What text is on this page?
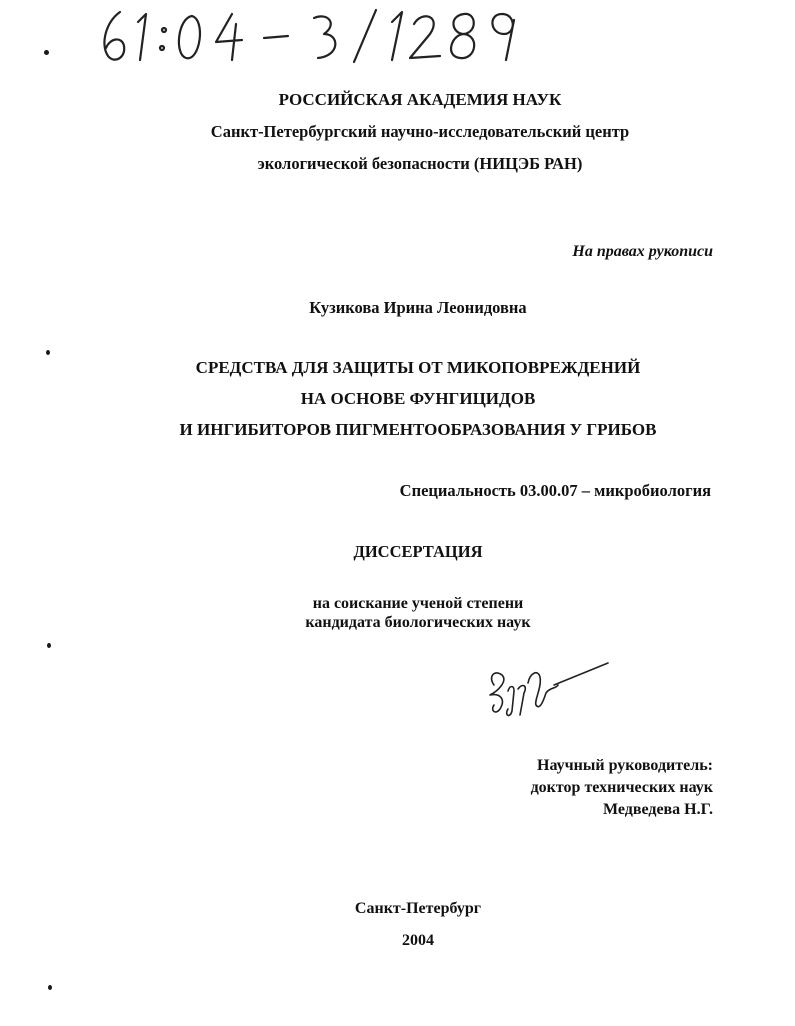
РОССИЙСКАЯ АКАДЕМИЯ НАУК
Санкт-Петербургский научно-исследовательский центр
экологической безопасности (НИЦЭБ РАН)
На правах рукописи
Кузикова Ирина Леонидовна
СРЕДСТВА ДЛЯ ЗАЩИТЫ ОТ МИКОПОВРЕЖДЕНИЙ
НА ОСНОВЕ ФУНГИЦИДОВ
И ИНГИБИТОРОВ ПИГМЕНТООБРАЗОВАНИЯ У ГРИБОВ
Специальность 03.00.07 – микробиология
ДИССЕРТАЦИЯ
на соискание ученой степени
кандидата биологических наук
Научный руководитель:
доктор технических наук
Медведева Н.Г.
Санкт-Петербург
2004
